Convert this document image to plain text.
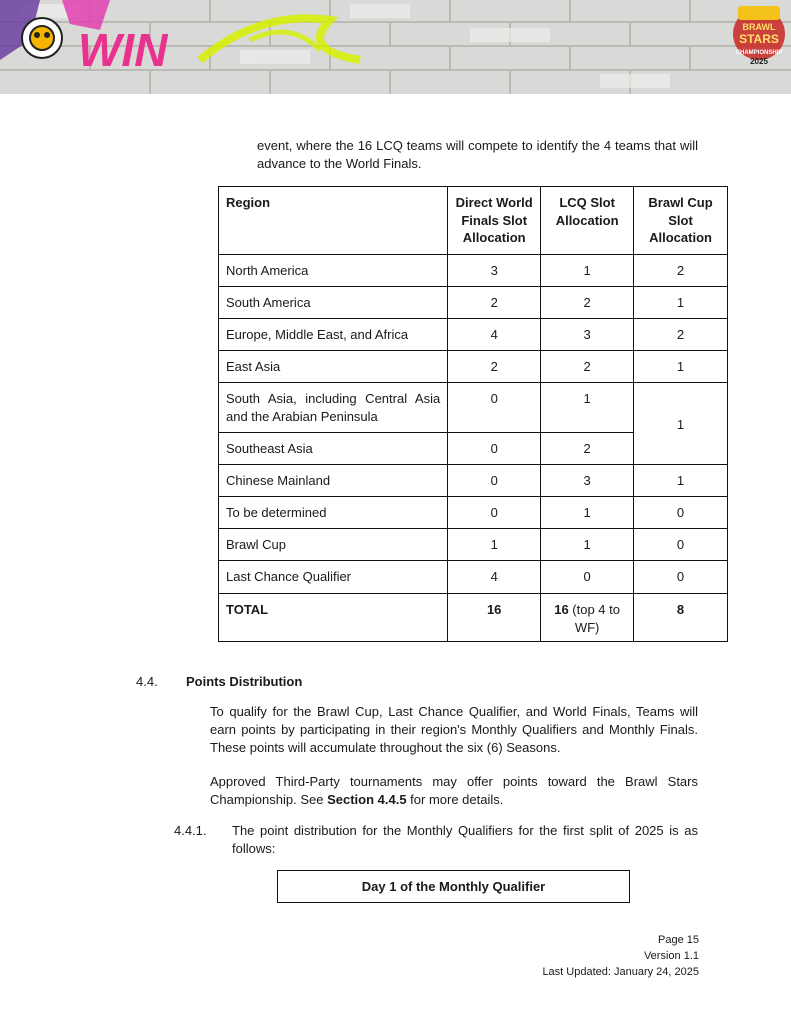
WIN	BRAWL
STARS
CHAMPIONSHIP
2025
event, where the 16 LCQ teams will compete to identify the 4 teams that will advance to the World Finals.
Region	Direct World Finals Slot Allocation	LCQ Slot Allocation	Brawl Cup Slot Allocation
North America	3	1	2
South America	2	2	1
Europe, Middle East, and Africa	4	3	2
East Asia	2	2	1
South Asia, including Central Asia and the Arabian Peninsula	0	1	1
Southeast Asia	0	2	
Chinese Mainland	0	3	1
To be determined	0	1	0
Brawl Cup	1	1	0
Last Chance Qualifier	4	0	0
TOTAL	16	16 (top 4 to WF)	8
4.4. Points Distribution
To qualify for the Brawl Cup, Last Chance Qualifier, and World Finals, Teams will earn points by participating in their region's Monthly Qualifiers and Monthly Finals. These points will accumulate throughout the six (6) Seasons.
Approved Third-Party tournaments may offer points toward the Brawl Stars Championship. See Section 4.4.5 for more details.
4.4.1. The point distribution for the Monthly Qualifiers for the first split of 2025 is as follows:
Day 1 of the Monthly Qualifier
Page 15
Version 1.1
Last Updated: January 24, 2025
